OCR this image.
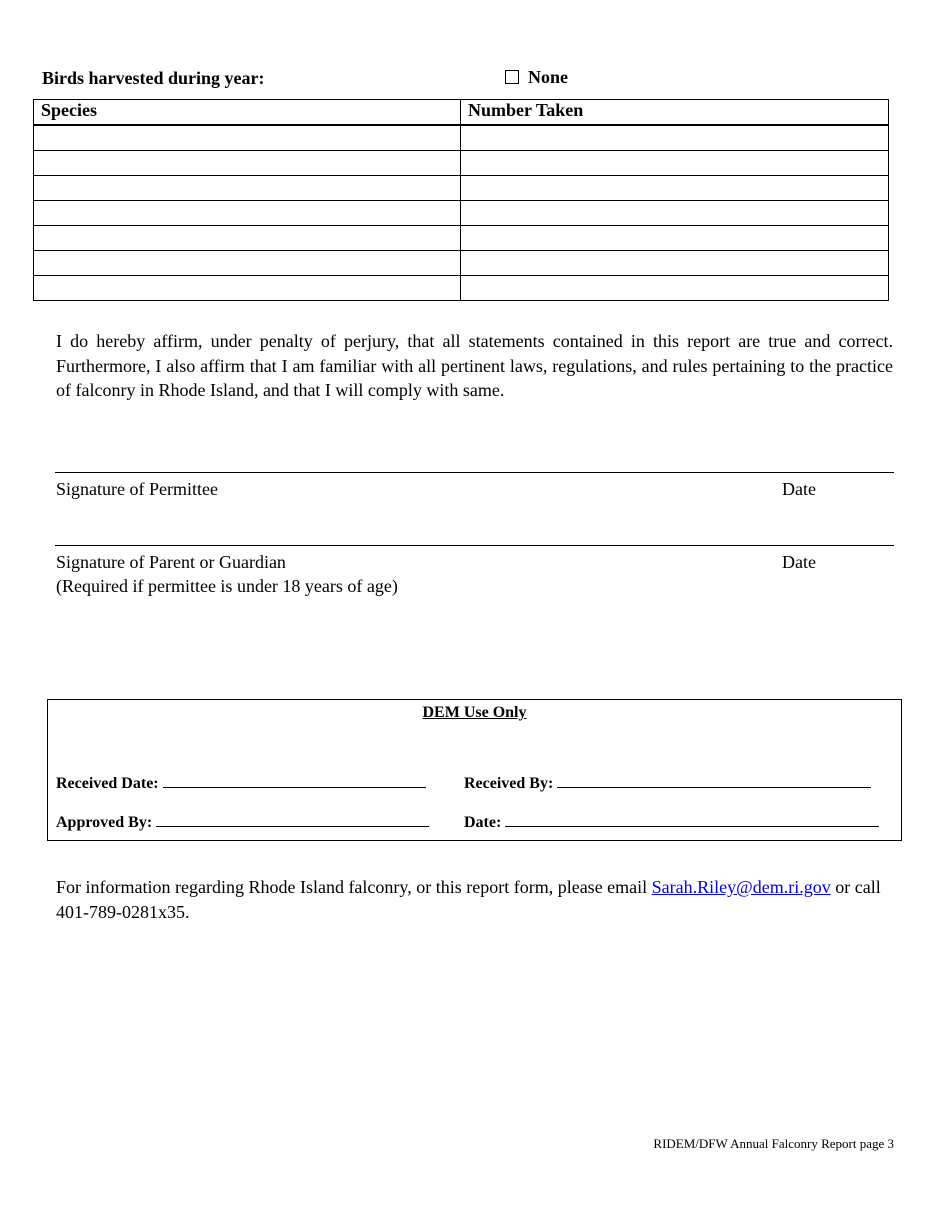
Birds harvested during year:	None
Species	Number Taken

I do hereby affirm, under penalty of perjury, that all statements contained in this report are true and correct. Furthermore, I also affirm that I am familiar with all pertinent laws, regulations, and rules pertaining to the practice of falconry in Rhode Island, and that I will comply with same.

Signature of Permittee	Date
Signature of Parent or Guardian	Date
(Required if permittee is under 18 years of age)
DEM Use Only
Received Date:	Received By:
Approved By:	Date:

For information regarding Rhode Island falconry, or this report form, please email Sarah.Riley@dem.ri.gov or call 401-789-0281x35.

RIDEM/DFW Annual Falconry Report page 3
